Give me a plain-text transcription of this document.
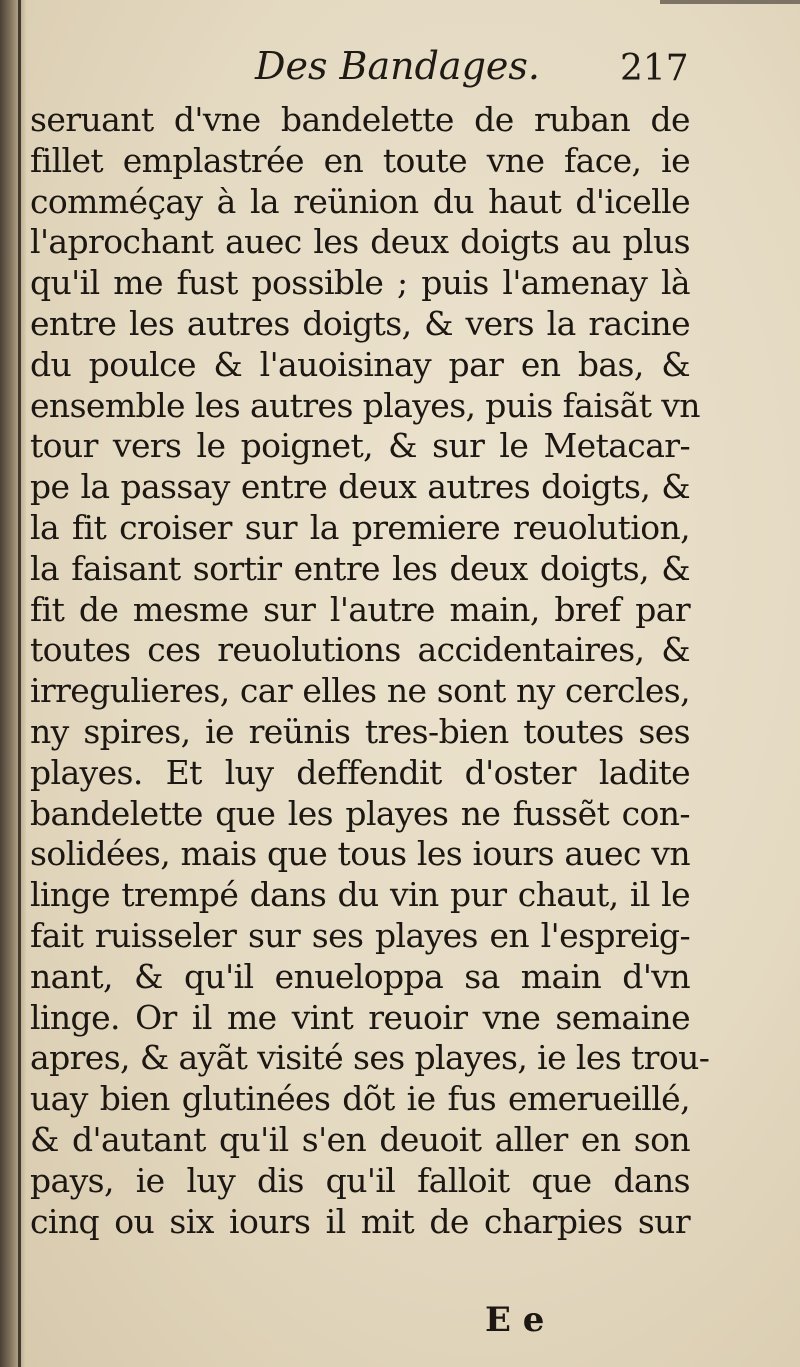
Des Bandages. 217
seruant d'vne bandelette de ruban de
fillet emplastrée en toute vne face, ie
comméçay à la reünion du haut d'icelle
l'aprochant auec les deux doigts au plus
qu'il me fust possible ; puis l'amenay là
entre les autres doigts, & vers la racine
du poulce & l'auoisinay par en bas, &
ensemble les autres playes, puis faisãt vn
tour vers le poignet, & sur le Metacar-
pe la passay entre deux autres doigts, &
la fit croiser sur la premiere reuolution,
la faisant sortir entre les deux doigts, &
fit de mesme sur l'autre main, bref par
toutes ces reuolutions accidentaires, &
irregulieres, car elles ne sont ny cercles,
ny spires, ie reünis tres-bien toutes ses
playes. Et luy deffendit d'oster ladite
bandelette que les playes ne fussẽt con-
solidées, mais que tous les iours auec vn
linge trempé dans du vin pur chaut, il le
fait ruisseler sur ses playes en l'espreig-
nant, & qu'il enueloppa sa main d'vn
linge. Or il me vint reuoir vne semaine
apres, & ayãt visité ses playes, ie les trou-
uay bien glutinées dõt ie fus emerueillé,
& d'autant qu'il s'en deuoit aller en son
pays, ie luy dis qu'il falloit que dans
cinq ou six iours il mit de charpies sur
E e
